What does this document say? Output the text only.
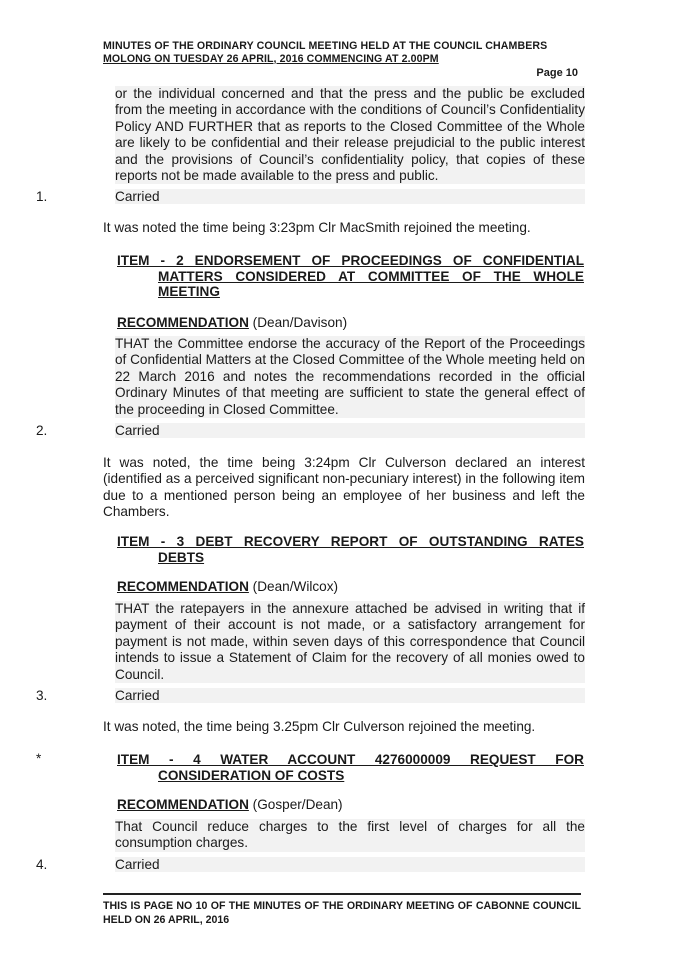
MINUTES OF THE ORDINARY COUNCIL MEETING HELD AT THE COUNCIL CHAMBERS
MOLONG ON TUESDAY 26 APRIL, 2016 COMMENCING AT 2.00PM
Page 10
or the individual concerned and that the press and the public be excluded from the meeting in accordance with the conditions of Council’s Confidentiality Policy AND FURTHER that as reports to the Closed Committee of the Whole are likely to be confidential and their release prejudicial to the public interest and the provisions of Council’s confidentiality policy, that copies of these reports not be made available to the press and public.
1.	Carried
It was noted the time being 3:23pm Clr MacSmith rejoined the meeting.
ITEM - 2 ENDORSEMENT OF PROCEEDINGS OF CONFIDENTIAL
MATTERS CONSIDERED AT COMMITTEE OF THE WHOLE
MEETING
RECOMMENDATION (Dean/Davison)
THAT the Committee endorse the accuracy of the Report of the Proceedings of Confidential Matters at the Closed Committee of the Whole meeting held on 22 March 2016 and notes the recommendations recorded in the official Ordinary Minutes of that meeting are sufficient to state the general effect of the proceeding in Closed Committee.
2.	Carried
It was noted, the time being 3:24pm Clr Culverson declared an interest (identified as a perceived significant non-pecuniary interest) in the following item due to a mentioned person being an employee of her business and left the Chambers.
ITEM - 3 DEBT RECOVERY REPORT OF OUTSTANDING RATES
DEBTS
RECOMMENDATION (Dean/Wilcox)
THAT the ratepayers in the annexure attached be advised in writing that if payment of their account is not made, or a satisfactory arrangement for payment is not made, within seven days of this correspondence that Council intends to issue a Statement of Claim for the recovery of all monies owed to Council.
3.	Carried
It was noted, the time being 3.25pm Clr Culverson rejoined the meeting.
*	ITEM - 4 WATER ACCOUNT 4276000009 REQUEST FOR
CONSIDERATION OF COSTS
RECOMMENDATION (Gosper/Dean)
That Council reduce charges to the first level of charges for all the consumption charges.
4.	Carried
THIS IS PAGE NO 10 OF THE MINUTES OF THE ORDINARY MEETING OF CABONNE COUNCIL HELD ON 26 APRIL, 2016
